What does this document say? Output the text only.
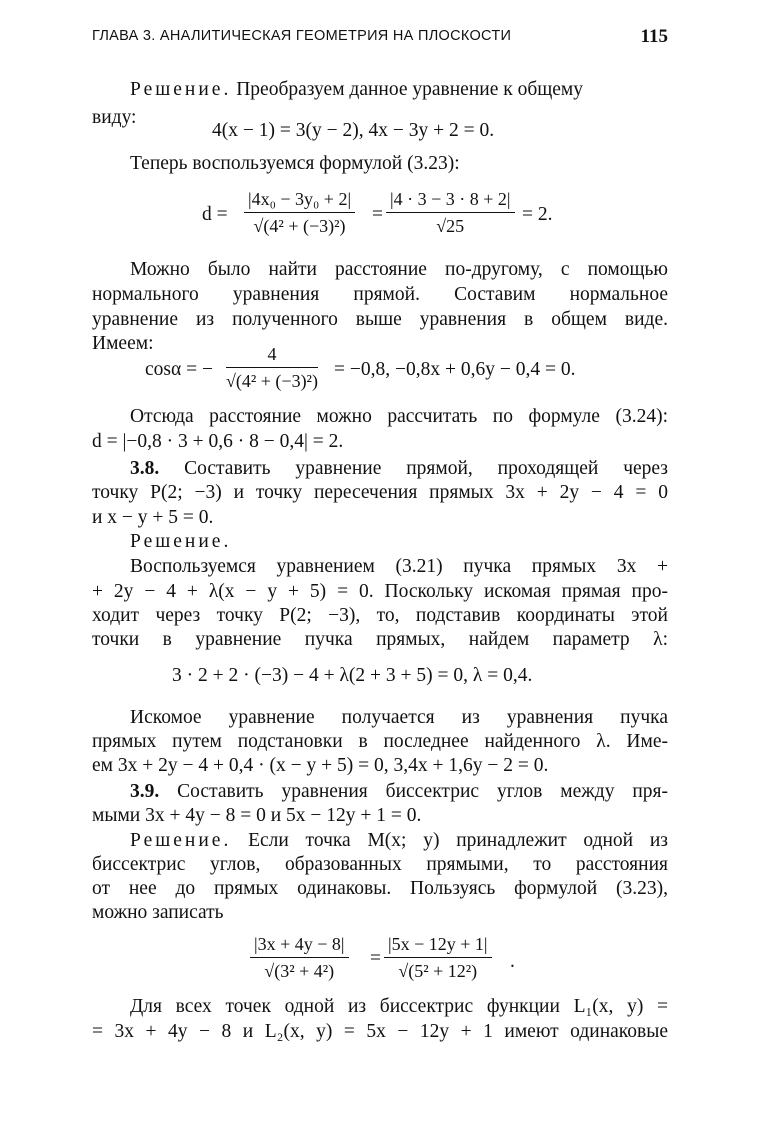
ГЛАВА 3. АНАЛИТИЧЕСКАЯ ГЕОМЕТРИЯ НА ПЛОСКОСТИ	115
Решение. Преобразуем данное уравнение к общему
виду:
4(x − 1) = 3(y − 2), 4x − 3y + 2 = 0.
Теперь воспользуемся формулой (3.23):
$d = \frac{\text{|4x₀ − 3y₀ + 2|}}{\text{√(4² + (−3)²)}} = \frac{|4 \cdot 3 - 3 \cdot 8 + 2|}{√25} = 2$.
Можно было найти расстояние по-другому, с помощью
нормального уравнения прямой. Составим нормальное
уравнение из полученного выше уравнения в общем виде.
Имеем:
cosα = − $\frac{4}{\text{√(4² + (−3)²)}} = -0,8$, −0,8x + 0,6y − 0,4 = 0.
Отсюда расстояние можно рассчитать по формуле (3.24):
d = |−0,8 · 3 + 0,6 · 8 − 0,4| = 2.
3.8. Составить уравнение прямой, проходящей через
точку P(2; −3) и точку пересечения прямых 3x + 2y − 4 = 0
и x − y + 5 = 0.
Решение.
Воспользуемся уравнением (3.21) пучка прямых 3x +
+ 2y − 4 + λ(x − y + 5) = 0. Поскольку искомая прямая про-
ходит через точку P(2; −3), то, подставив координаты этой
точки в уравнение пучка прямых, найдем параметр λ:
3 · 2 + 2 · (−3) − 4 + λ(2 + 3 + 5) = 0, λ = 0,4.
Искомое уравнение получается из уравнения пучка
прямых путем подстановки в последнее найденного λ. Име-
ем 3x + 2y − 4 + 0,4 · (x − y + 5) = 0, 3,4x + 1,6y − 2 = 0.
3.9. Составить уравнения биссектрис углов между пря-
мыми 3x + 4y − 8 = 0 и 5x − 12y + 1 = 0.
Решение. Если точка M(x; y) принадлежит одной из
биссектрис углов, образованных прямыми, то расстояния
от нее до прямых одинаковы. Пользуясь формулой (3.23),
можно записать
$\frac{|3x + 4y - 8|}{\text{√(3² + 4²)}} = \frac{|5x - 12y + 1|}{\text{√(5² + 12²)}}$ .
Для всех точек одной из биссектрис функции L₁(x, y) =
= 3x + 4y − 8 и L₂(x, y) = 5x − 12y + 1 имеют одинаковые
